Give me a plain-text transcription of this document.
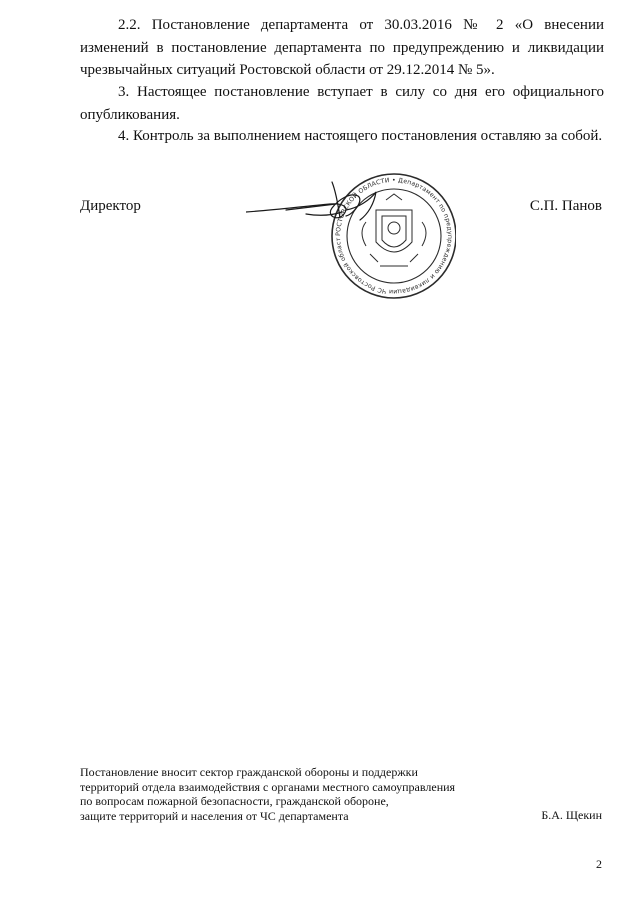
2.2. Постановление департамента от 30.03.2016 № 2 «О внесении изменений в постановление департамента по предупреждению и ликвидации чрезвычайных ситуаций Ростовской области от 29.12.2014 № 5».

3. Настоящее постановление вступает в силу со дня его официального опубликования.

4. Контроль за выполнением настоящего постановления оставляю за собой.

Директор
РОСТОВСКОЙ ОБЛАСТИ • Департамент по предупреждению и ликвидации ЧС Ростовской област
С.П. Панов
Постановление вносит сектор гражданской обороны и поддержки
территорий отдела взаимодействия с органами местного самоуправления
по вопросам пожарной безопасности, гражданской обороне,
защите территорий и населения от ЧС департамента	Б.А. Щекин
2
